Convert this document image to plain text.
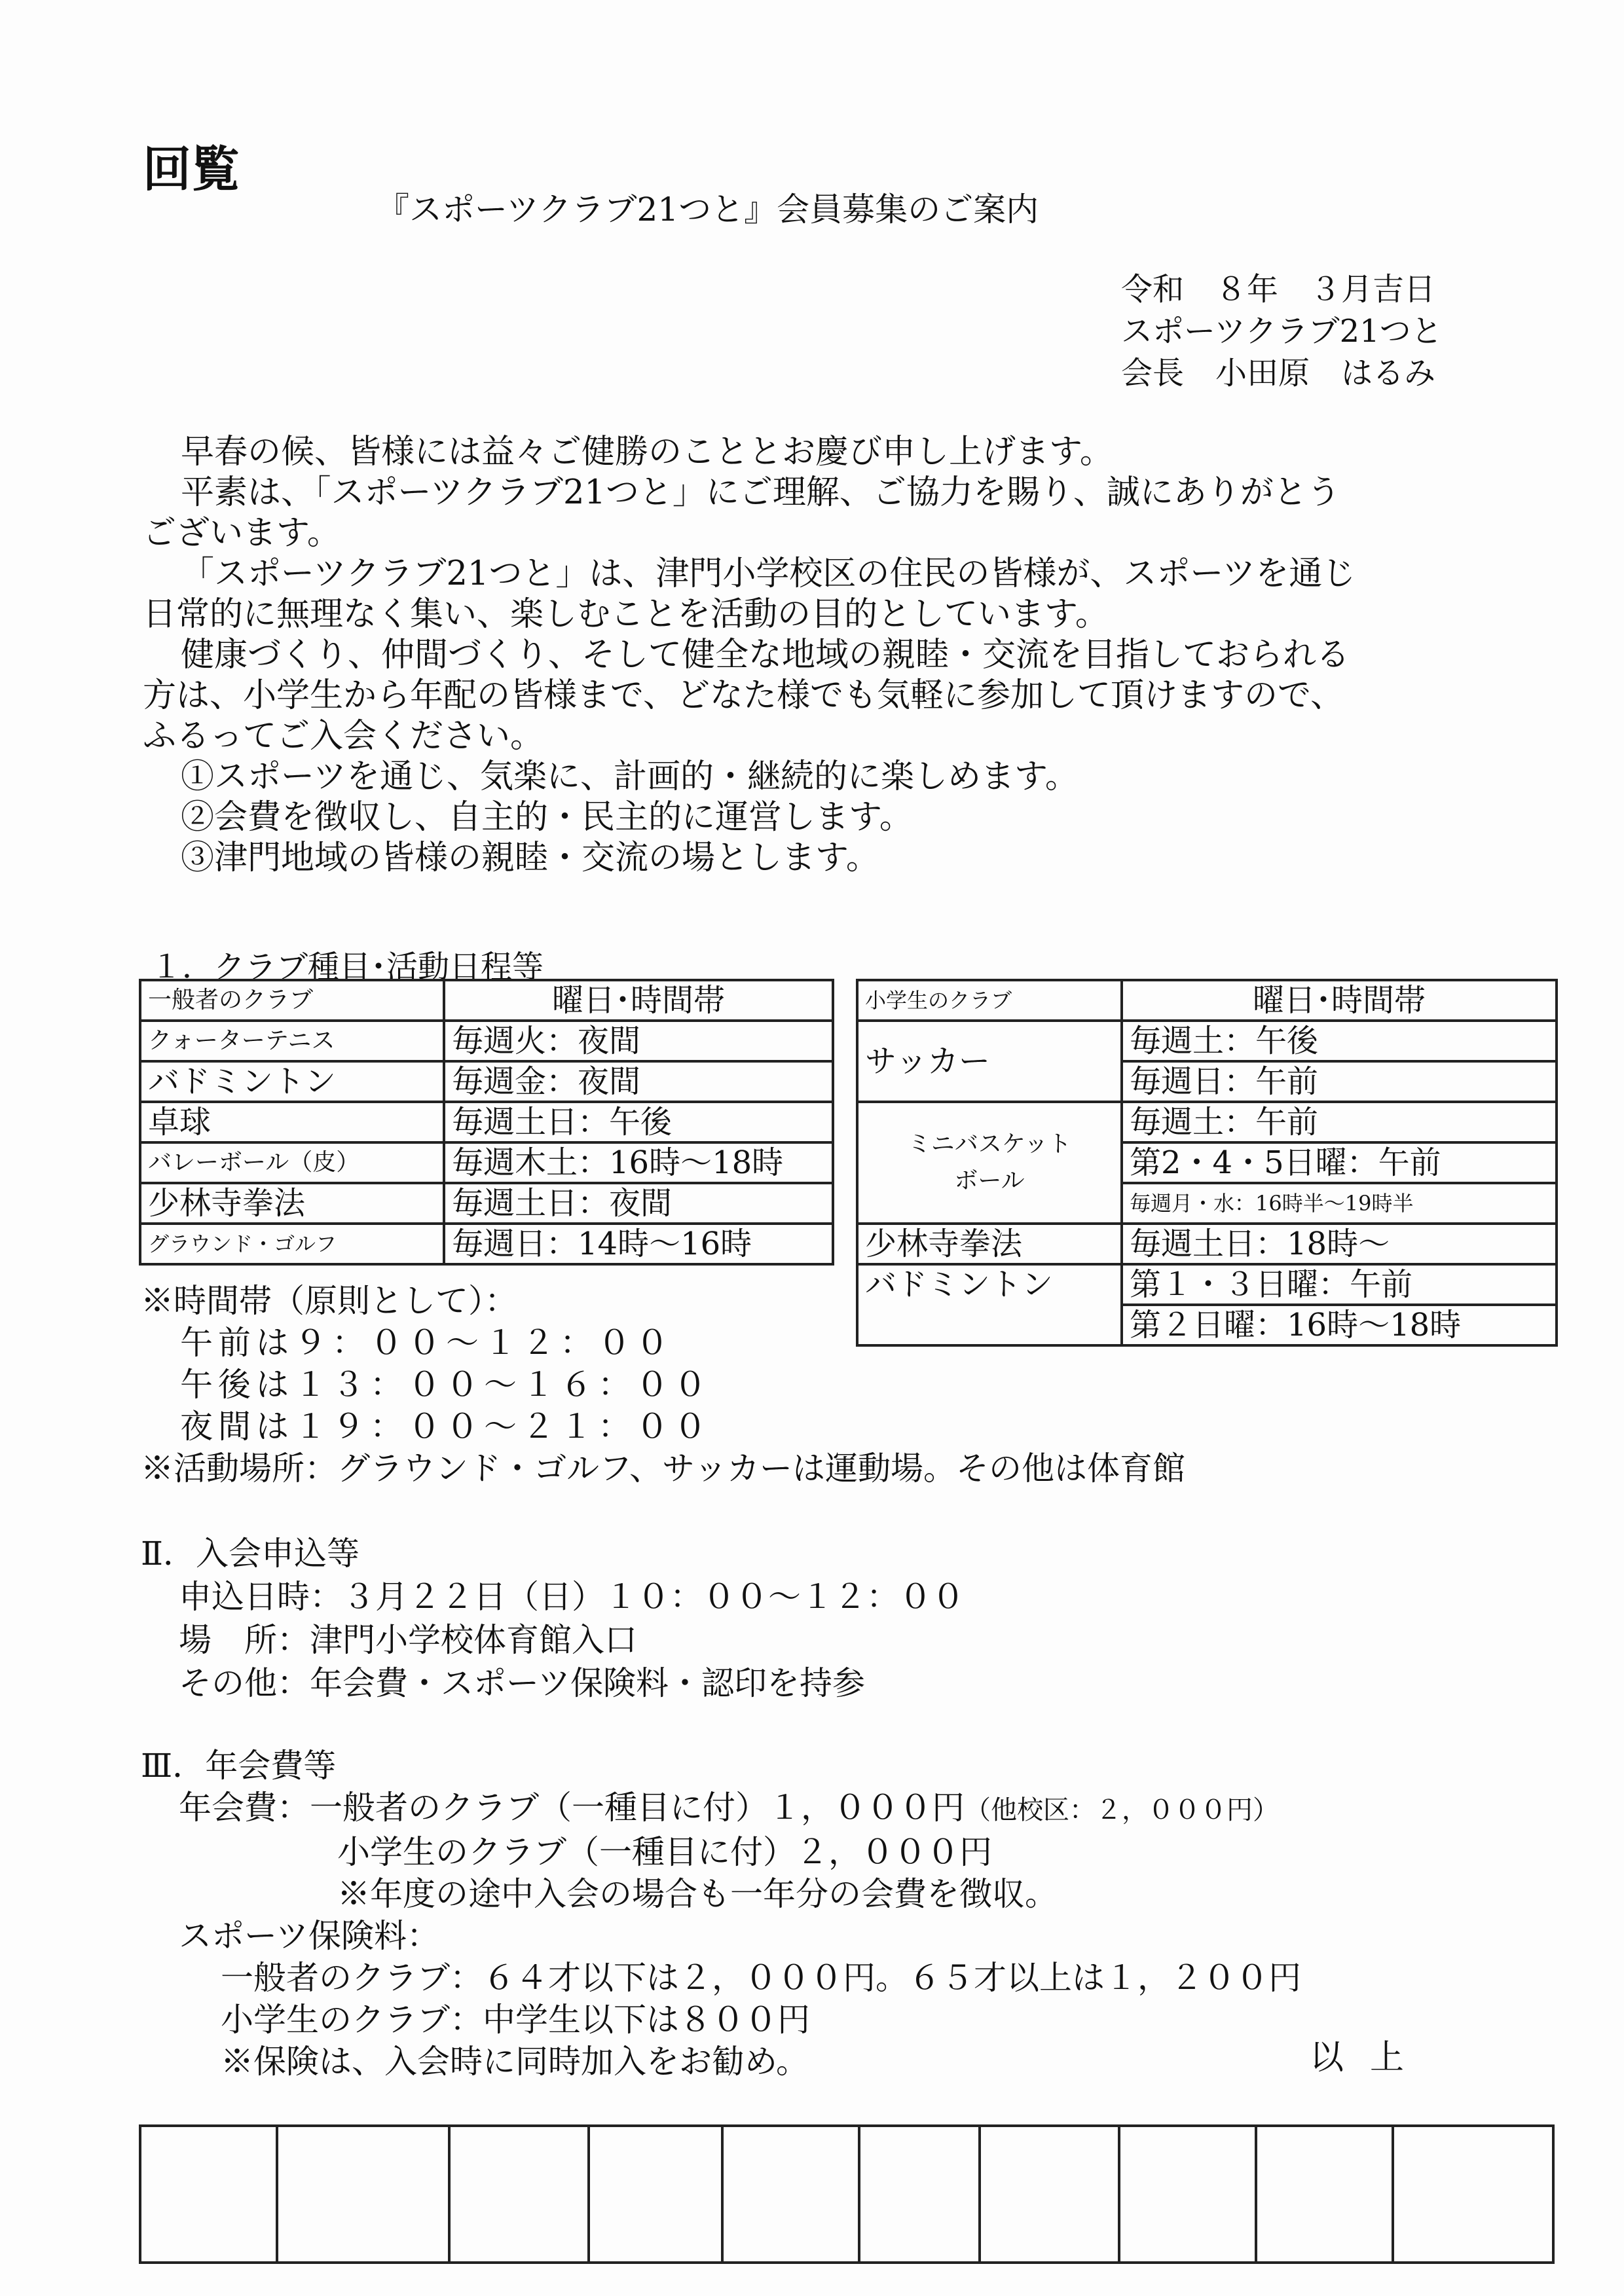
回覧
『スポーツクラブ21つと』会員募集のご案内
令和　８年　３月吉日
スポーツクラブ21つと
会長　小田原　はるみ

早春の候、皆様には益々ご健勝のこととお慶び申し上げます。

平素は、「スポーツクラブ21つと」にご理解、ご協力を賜り、誠にありがとう

ございます。

「スポーツクラブ21つと」は、津門小学校区の住民の皆様が、スポーツを通じ

日常的に無理なく集い、楽しむことを活動の目的としています。

健康づくり、仲間づくり、そして健全な地域の親睦・交流を目指しておられる

方は、小学生から年配の皆様まで、どなた様でも気軽に参加して頂けますので、

ふるってご入会ください。

①スポーツを通じ、気楽に、計画的・継続的に楽しめます。

②会費を徴収し、自主的・民主的に運営します。

③津門地域の皆様の親睦・交流の場とします。

１．クラブ種目･活動日程等
一般者のクラブ	曜日･時間帯
クォーターテニス	毎週火：夜間
バドミントン	毎週金：夜間
卓球	毎週土日：午後
バレーボール（皮）	毎週木土：16時～18時
少林寺拳法	毎週土日：夜間
グラウンド・ゴルフ	毎週日：14時～16時
小学生のクラブ	曜日･時間帯
サッカー	毎週土：午後
	毎週日：午前

ミニバスケット
ボール	毎週土：午前
	第2・4・5日曜：午前
	毎週月・水：16時半～19時半
少林寺拳法	毎週土日：18時～
バドミントン	第１・３日曜：午前
	第２日曜：16時～18時
※時間帯（原則として）：
午前は９：００～１２：００
午後は１３：００～１６：００
夜間は１９：００～２１：００
※活動場所：グラウンド・ゴルフ、サッカーは運動場。その他は体育館
Ⅱ．入会申込等
申込日時：３月２２日（日）１０：００～１２：００
場　所：津門小学校体育館入口
その他：年会費・スポーツ保険料・認印を持参
Ⅲ．年会費等
年会費：一般者のクラブ（一種目に付）１，０００円（他校区：２，０００円）
小学生のクラブ（一種目に付）２，０００円
※年度の途中入会の場合も一年分の会費を徴収。
スポーツ保険料：
一般者のクラブ：６４才以下は２，０００円。６５才以上は１，２００円
小学生のクラブ：中学生以下は８００円
※保険は、入会時に同時加入をお勧め。	以上
